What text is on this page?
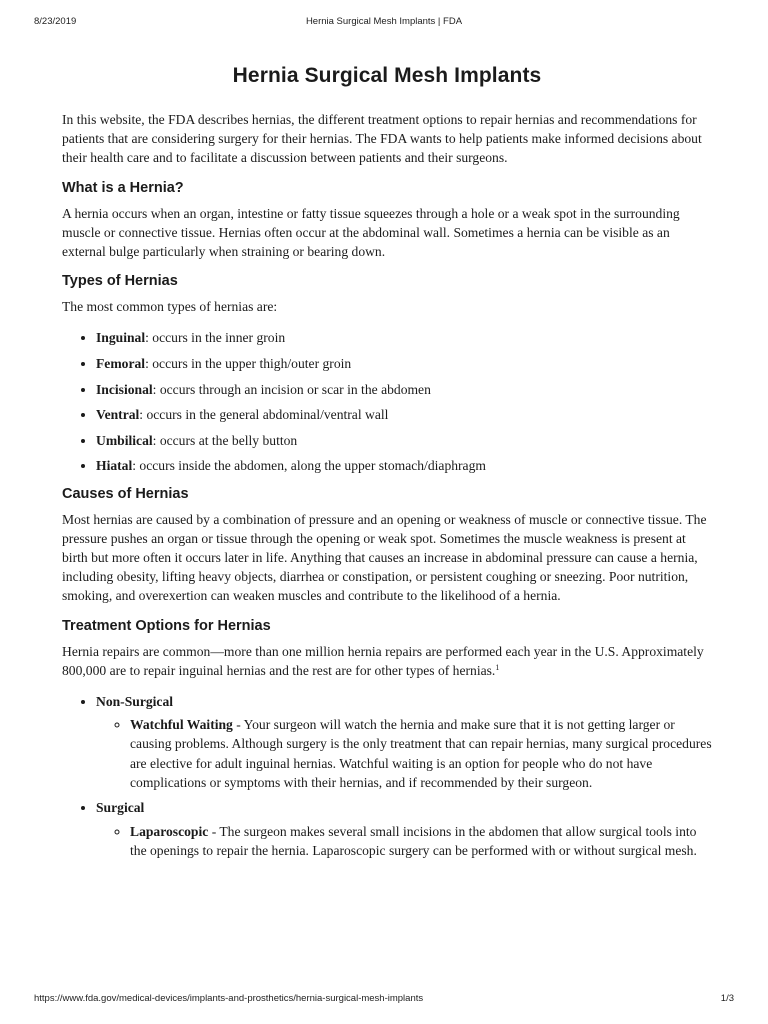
8/23/2019	Hernia Surgical Mesh Implants | FDA
Hernia Surgical Mesh Implants

In this website, the FDA describes hernias, the different treatment options to repair hernias and recommendations for patients that are considering surgery for their hernias. The FDA wants to help patients make informed decisions about their health care and to facilitate a discussion between patients and their surgeons.

What is a Hernia?

A hernia occurs when an organ, intestine or fatty tissue squeezes through a hole or a weak spot in the surrounding muscle or connective tissue. Hernias often occur at the abdominal wall. Sometimes a hernia can be visible as an external bulge particularly when straining or bearing down.

Types of Hernias

The most common types of hernias are:

• Inguinal: occurs in the inner groin
• Femoral: occurs in the upper thigh/outer groin
• Incisional: occurs through an incision or scar in the abdomen
• Ventral: occurs in the general abdominal/ventral wall
• Umbilical: occurs at the belly button
• Hiatal: occurs inside the abdomen, along the upper stomach/diaphragm
Causes of Hernias

Most hernias are caused by a combination of pressure and an opening or weakness of muscle or connective tissue. The pressure pushes an organ or tissue through the opening or weak spot. Sometimes the muscle weakness is present at birth but more often it occurs later in life. Anything that causes an increase in abdominal pressure can cause a hernia, including obesity, lifting heavy objects, diarrhea or constipation, or persistent coughing or sneezing. Poor nutrition, smoking, and overexertion can weaken muscles and contribute to the likelihood of a hernia.

Treatment Options for Hernias

Hernia repairs are common—more than one million hernia repairs are performed each year in the U.S. Approximately 800,000 are to repair inguinal hernias and the rest are for other types of hernias.$^1$

• Non-Surgical
◦ Watchful Waiting - Your surgeon will watch the hernia and make sure that it is not getting larger or causing problems. Although surgery is the only treatment that can repair hernias, many surgical procedures are elective for adult inguinal hernias. Watchful waiting is an option for people who do not have complications or symptoms with their hernias, and if recommended by their surgeon.
• Surgical
◦ Laparoscopic - The surgeon makes several small incisions in the abdomen that allow surgical tools into the openings to repair the hernia. Laparoscopic surgery can be performed with or without surgical mesh.
https://www.fda.gov/medical-devices/implants-and-prosthetics/hernia-surgical-mesh-implants	1/3
